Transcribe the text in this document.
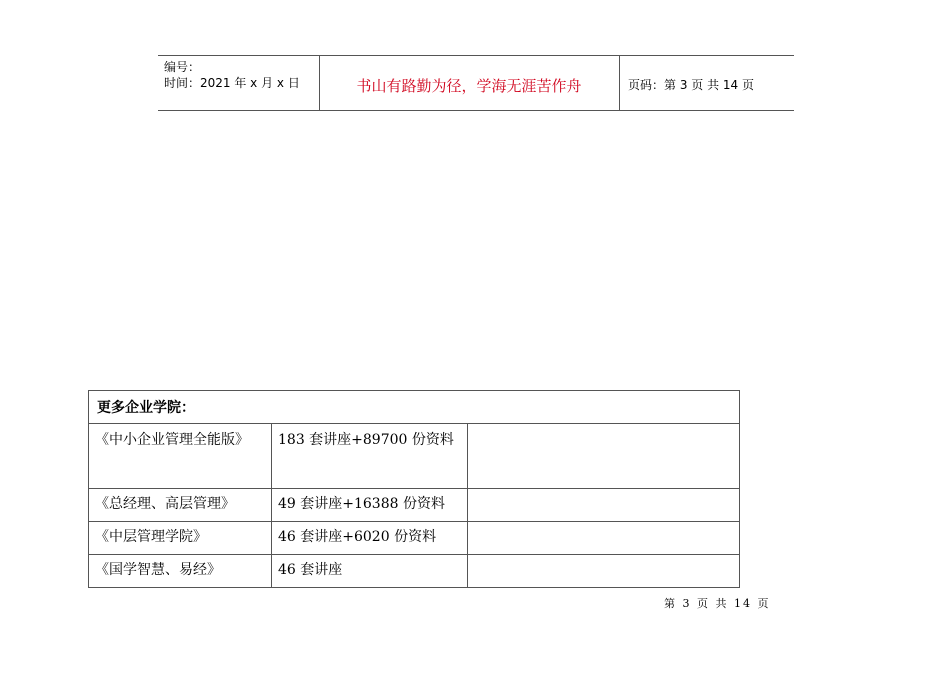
编号：
时间：2021 年 x 月 x 日	书山有路勤为径，学海无涯苦作舟	页码：第 3 页 共 14 页
更多企业学院：		

《中小企业管理全能版》	183 套讲座+89700 份资料	

《总经理、高层管理》	49 套讲座+16388 份资料	

《中层管理学院》	46 套讲座+6020 份资料	

《国学智慧、易经》	46 套讲座	

第 3 页 共 14 页
